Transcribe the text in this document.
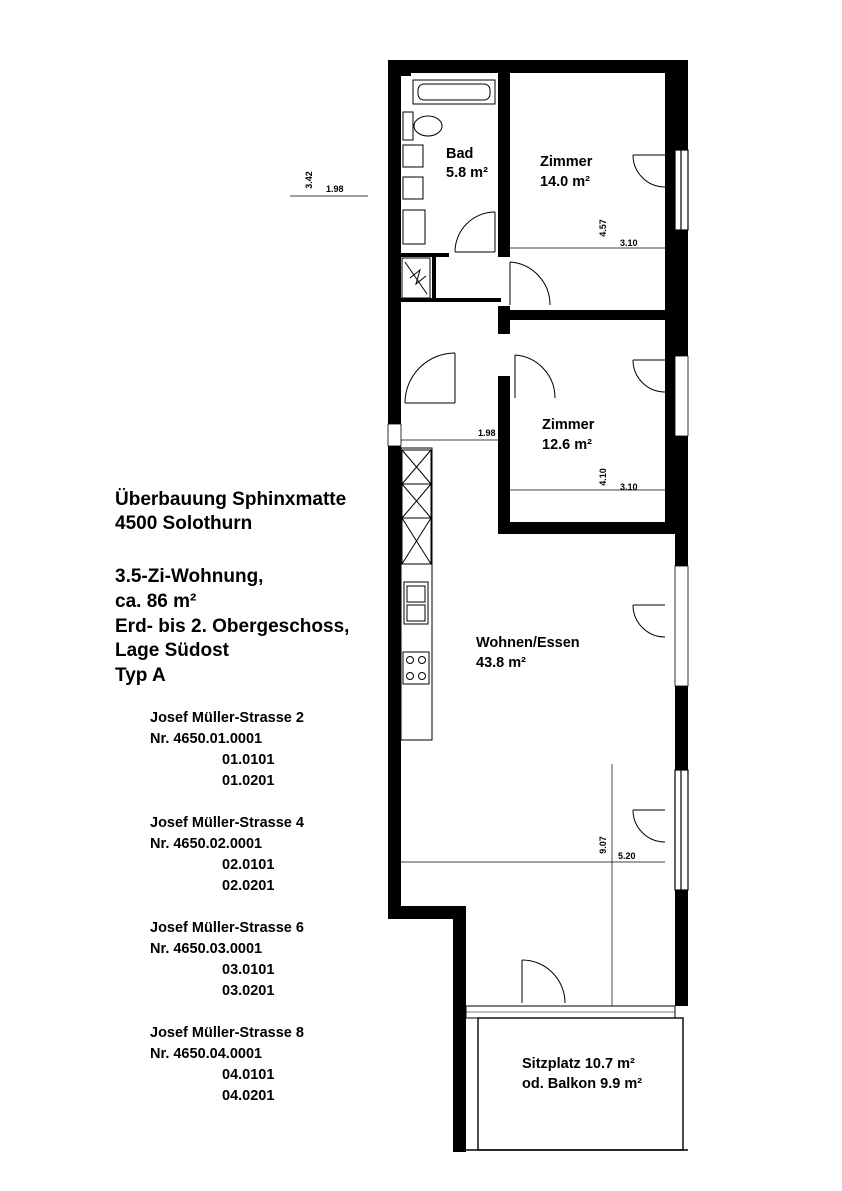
Überbauung Sphinxmatte
4500 Solothurn
3.5-Zi-Wohnung,
ca. 86 m²
Erd- bis 2. Obergeschoss,
Lage Südost
Typ A
Josef Müller-Strasse 2
Nr. 4650.01.0001
01.0101
01.0201
Josef Müller-Strasse 4
Nr. 4650.02.0001
02.0101
02.0201
Josef Müller-Strasse 6
Nr. 4650.03.0001
03.0101
03.0201
Josef Müller-Strasse 8
Nr. 4650.04.0001
04.0101
04.0201
Bad
5.8 m²
Zimmer
14.0 m²
Zimmer
12.6 m²
Wohnen/Essen
43.8 m²
Sitzplatz 10.7 m²
od. Balkon 9.9 m²
3.42
1.98
4.57
3.10
1.98
4.10
3.10
9.07
5.20
